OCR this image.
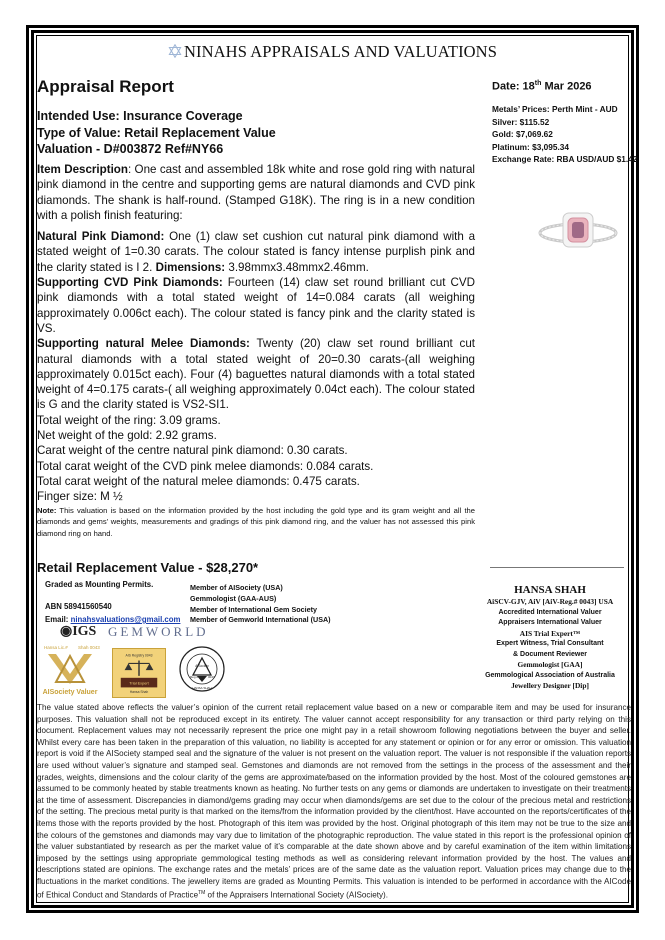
NINAHS APPRAISALS AND VALUATIONS
Appraisal Report	Date: 18th Mar 2026
Intended Use: Insurance Coverage
Type of Value: Retail Replacement Value
Valuation - D#003872 Ref#NY66
Metals’ Prices: Perth Mint - AUD
Silver: $115.52
Gold: $7,069.62
Platinum: $3,095.34
Exchange Rate: RBA USD/AUD $1.42

Item Description: One cast and assembled 18k white and rose gold ring with natural pink diamond in the centre and supporting gems are natural diamonds and CVD pink diamonds. The shank is half-round. (Stamped G18K). The ring is in a new condition with a polish finish featuring:

Natural Pink Diamond: One (1) claw set cushion cut natural pink diamond with a stated weight of 1=0.30 carats. The colour stated is fancy intense purplish pink and the clarity stated is I 2. Dimensions: 3.98mmx3.48mmx2.46mm.

Supporting CVD Pink Diamonds: Fourteen (14) claw set round brilliant cut CVD pink diamonds with a total stated weight of 14=0.084 carats (all weighing approximately 0.006ct each). The colour stated is fancy pink and the clarity stated is VS.

Supporting natural Melee Diamonds: Twenty (20) claw set round brilliant cut natural diamonds with a total stated weight of 20=0.30 carats-(all weighing approximately 0.015ct each). Four (4) baguettes natural diamonds with a total stated weight of 4=0.175 carats-( all weighing approximately 0.04ct each). The colour stated is G and the clarity stated is VS2-SI1.

Total weight of the ring: 3.09 grams.

Net weight of the gold: 2.92 grams.

Carat weight of the centre natural pink diamond: 0.30 carats.

Total carat weight of the CVD pink melee diamonds: 0.084 carats.

Total carat weight of the natural melee diamonds: 0.475 carats.

Finger size: M ½

Note: This valuation is based on the information provided by the host including the gold type and its gram weight and all the diamonds and gems’ weights, measurements and gradings of this pink diamond ring, and the valuer has not assessed this pink diamond ring on hand.

Retail Replacement Value - $28,270*
Graded as Mounting Permits.
ABN 58941560540
Email: ninahsvaluations@gmail.com
Member of AISociety (USA)
Gemmologist (GAA-AUS)
Member of International Gem Society
Member of Gemworld International (USA)
◉IGS GEMWORLD
Hansa Lic.# Shah 0043
AISociety Valuer
AIS Registry 0043
Trial Expert
Hansa Shah
AISociety
Reg #	0043
HANSA SHAH
HANSA SHAH
AiSCV-GJV, AiV [AiV-Reg.# 0043] USA
Accredited International Valuer
Appraisers International Valuer
AIS Trial Expert™
Expert Witness, Trial Consultant
& Document Reviewer
Gemmologist [GAA]
Gemmological Association of Australia
Jewellery Designer [Dip]
The value stated above reflects the valuer’s opinion of the current retail replacement value based on a new or comparable item and may be used for insurance purposes. This valuation shall not be reproduced except in its entirety. The valuer cannot accept responsibility for any transaction or third party relying on this document. Replacement values may not necessarily represent the price one might pay in a retail showroom following negotiations between the buyer and seller. Whilst every care has been taken in the preparation of this valuation, no liability is accepted for any statement or opinion or for any error or omission. This valuation report is void if the AISociety stamped seal and the signature of the valuer is not present on the valuation report. The valuer is not responsible if the valuation reports are used without valuer’s signature and stamped seal. Gemstones and diamonds are not removed from the settings in the process of the assessment and their grades, weights, dimensions and the colour clarity of the gems are approximate/based on the information provided by the host. Most of the coloured gemstones are assumed to be commonly heated by stable treatments known as heating. No further tests on any gems or diamonds are undertaken to investigate on their treatments at the time of assessment. Discrepancies in diamond/gems grading may occur when diamonds/gems are set due to the colour of the precious metal and restrictions of the setting. The precious metal purity is that marked on the items/from the information provided by the client/host. Have accounted on the reports/certificates of the items those with the reports provided by the host. Photograph of this item was provided by the host. Original photograph of this item may not be true to the size and the colours of the gemstones and diamonds may vary due to limitation of the photographic reproduction. The value stated in this report is the professional opinion of the valuer substantiated by research as per the market value of it’s comparable at the date shown above and by careful examination of the item within limitations imposed by the settings using appropriate gemmological testing methods as well as considering relevant information provided by the host. The values and descriptions stated are opinions. The exchange rates and the metals’ prices are of the same date as the valuation report. Valuation prices may change due to the fluctuations in the market conditions. The jewellery items are graded as Mounting Permits. This valuation is intended to be performed in accordance with the AICode of Ethical Conduct and Standards of Practice™ of the Appraisers International Society (AISociety).
